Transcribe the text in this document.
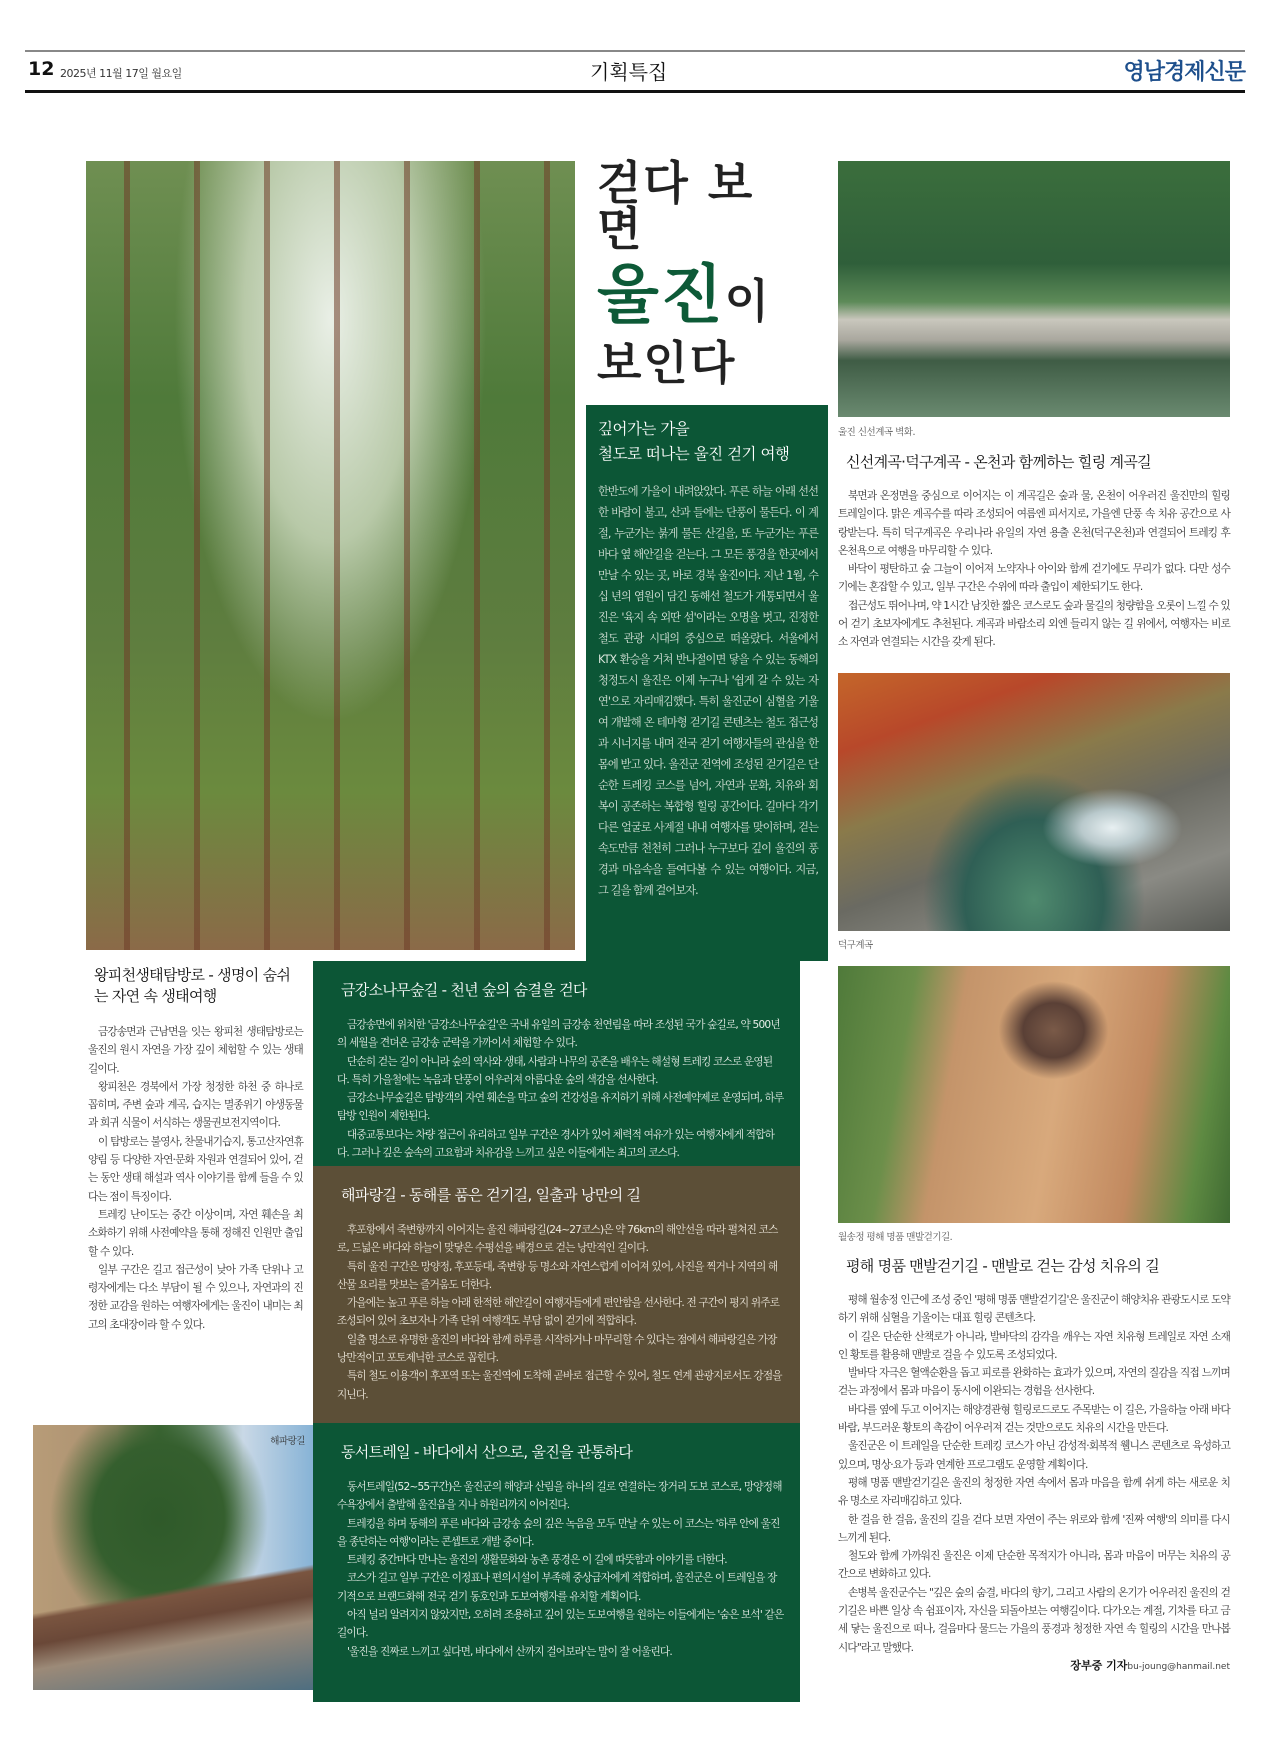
12 2025년 11월 17일 월요일	기획특집	영남경제신문
걷다 보면
울진이
보인다
깊어가는 가을
철도로 떠나는 울진 걷기 여행

한반도에 가을이 내려앉았다. 푸른 하늘 아래 선선한 바람이 불고, 산과 들에는 단풍이 물든다. 이 계절, 누군가는 붉게 물든 산길을, 또 누군가는 푸른 바다 옆 해안길을 걷는다. 그 모든 풍경을 한곳에서 만날 수 있는 곳, 바로 경북 울진이다. 지난 1월, 수십 년의 염원이 담긴 동해선 철도가 개통되면서 울진은 '육지 속 외딴 섬'이라는 오명을 벗고, 진정한 철도 관광 시대의 중심으로 떠올랐다. 서울에서 KTX 환승을 거쳐 반나절이면 닿을 수 있는 동해의 청정도시 울진은 이제 누구나 '쉽게 갈 수 있는 자연'으로 자리매김했다. 특히 울진군이 심혈을 기울여 개발해 온 테마형 걷기길 콘텐츠는 철도 접근성과 시너지를 내며 전국 걷기 여행자들의 관심을 한몸에 받고 있다. 울진군 전역에 조성된 걷기길은 단순한 트레킹 코스를 넘어, 자연과 문화, 치유와 회복이 공존하는 복합형 힐링 공간이다. 길마다 각기 다른 얼굴로 사계절 내내 여행자를 맞이하며, 걷는 속도만큼 천천히 그러나 누구보다 깊이 울진의 풍경과 마음속을 들여다볼 수 있는 여행이다. 지금, 그 길을 함께 걸어보자.

왕피천생태탐방로 - 생명이 숨쉬는 자연 속 생태여행

금강송면과 근남면을 잇는 왕피천 생태탐방로는 울진의 원시 자연을 가장 깊이 체험할 수 있는 생태길이다.

왕피천은 경북에서 가장 청정한 하천 중 하나로 꼽히며, 주변 숲과 계곡, 습지는 멸종위기 야생동물과 희귀 식물이 서식하는 생물권보전지역이다.

이 탐방로는 불영사, 찬물내기습지, 통고산자연휴양림 등 다양한 자연·문화 자원과 연결되어 있어, 걷는 동안 생태 해설과 역사 이야기를 함께 들을 수 있다는 점이 특징이다.

트레킹 난이도는 중간 이상이며, 자연 훼손을 최소화하기 위해 사전예약을 통해 정해진 인원만 출입할 수 있다.

일부 구간은 길고 접근성이 낮아 가족 단위나 고령자에게는 다소 부담이 될 수 있으나, 자연과의 진정한 교감을 원하는 여행자에게는 울진이 내미는 최고의 초대장이라 할 수 있다.

해파랑길
금강소나무숲길 - 천년 숲의 숨결을 걷다

금강송면에 위치한 '금강소나무숲길'은 국내 유일의 금강송 천연림을 따라 조성된 국가 숲길로, 약 500년의 세월을 견뎌온 금강송 군락을 가까이서 체험할 수 있다.

단순히 걷는 길이 아니라 숲의 역사와 생태, 사람과 나무의 공존을 배우는 해설형 트레킹 코스로 운영된다. 특히 가을철에는 녹음과 단풍이 어우러져 아름다운 숲의 색감을 선사한다.

금강소나무숲길은 탐방객의 자연 훼손을 막고 숲의 건강성을 유지하기 위해 사전예약제로 운영되며, 하루 탐방 인원이 제한된다.

대중교통보다는 차량 접근이 유리하고 일부 구간은 경사가 있어 체력적 여유가 있는 여행자에게 적합하다. 그러나 깊은 숲속의 고요함과 치유감을 느끼고 싶은 이들에게는 최고의 코스다.

해파랑길 - 동해를 품은 걷기길, 일출과 낭만의 길

후포항에서 죽변항까지 이어지는 울진 해파랑길(24~27코스)은 약 76km의 해안선을 따라 펼쳐진 코스로, 드넓은 바다와 하늘이 맞닿은 수평선을 배경으로 걷는 낭만적인 길이다.

특히 울진 구간은 망양정, 후포등대, 죽변항 등 명소와 자연스럽게 이어져 있어, 사진을 찍거나 지역의 해산물 요리를 맛보는 즐거움도 더한다.

가을에는 높고 푸른 하늘 아래 한적한 해안길이 여행자들에게 편안함을 선사한다. 전 구간이 평지 위주로 조성되어 있어 초보자나 가족 단위 여행객도 부담 없이 걷기에 적합하다.

일출 명소로 유명한 울진의 바다와 함께 하루를 시작하거나 마무리할 수 있다는 점에서 해파랑길은 가장 낭만적이고 포토제닉한 코스로 꼽힌다.

특히 철도 이용객이 후포역 또는 울진역에 도착해 곧바로 접근할 수 있어, 철도 연계 관광지로서도 강점을 지닌다.

동서트레일 - 바다에서 산으로, 울진을 관통하다

동서트레일(52~55구간)은 울진군의 해양과 산림을 하나의 길로 연결하는 장거리 도보 코스로, 망양정해수욕장에서 출발해 울진읍을 지나 하원리까지 이어진다.

트레킹을 하며 동해의 푸른 바다와 금강송 숲의 깊은 녹음을 모두 만날 수 있는 이 코스는 '하루 안에 울진을 종단하는 여행'이라는 콘셉트로 개발 중이다.

트레킹 중간마다 만나는 울진의 생활문화와 농촌 풍경은 이 길에 따뜻함과 이야기를 더한다.

코스가 길고 일부 구간은 이정표나 편의시설이 부족해 중상급자에게 적합하며, 울진군은 이 트레일을 장기적으로 브랜드화해 전국 걷기 동호인과 도보여행자를 유치할 계획이다.

아직 널리 알려지지 않았지만, 오히려 조용하고 깊이 있는 도보여행을 원하는 이들에게는 '숨은 보석' 같은 길이다.

'울진을 진짜로 느끼고 싶다면, 바다에서 산까지 걸어보라'는 말이 잘 어울린다.

울진 신선계곡 벽화.
신선계곡·덕구계곡 - 온천과 함께하는 힐링 계곡길

북면과 온정면을 중심으로 이어지는 이 계곡길은 숲과 물, 온천이 어우러진 울진만의 힐링 트레일이다. 맑은 계곡수를 따라 조성되어 여름엔 피서지로, 가을엔 단풍 속 치유 공간으로 사랑받는다. 특히 덕구계곡은 우리나라 유일의 자연 용출 온천(덕구온천)과 연결되어 트레킹 후 온천욕으로 여행을 마무리할 수 있다.

바닥이 평탄하고 숲 그늘이 이어져 노약자나 아이와 함께 걷기에도 무리가 없다. 다만 성수기에는 혼잡할 수 있고, 일부 구간은 수위에 따라 출입이 제한되기도 한다.

접근성도 뛰어나며, 약 1시간 남짓한 짧은 코스로도 숲과 물길의 청량함을 오롯이 느낄 수 있어 걷기 초보자에게도 추천된다. 계곡과 바람소리 외엔 들리지 않는 길 위에서, 여행자는 비로소 자연과 연결되는 시간을 갖게 된다.

덕구계곡
월송정 평해 명품 맨발걷기길.
평해 명품 맨발걷기길 - 맨발로 걷는 감성 치유의 길

평해 월송정 인근에 조성 중인 '평해 명품 맨발걷기길'은 울진군이 해양치유 관광도시로 도약하기 위해 심혈을 기울이는 대표 힐링 콘텐츠다.

이 길은 단순한 산책로가 아니라, 발바닥의 감각을 깨우는 자연 치유형 트레일로 자연 소재인 황토를 활용해 맨발로 걸을 수 있도록 조성되었다.

발바닥 자극은 혈액순환을 돕고 피로를 완화하는 효과가 있으며, 자연의 질감을 직접 느끼며 걷는 과정에서 몸과 마음이 동시에 이완되는 경험을 선사한다.

바다를 옆에 두고 이어지는 해양경관형 힐링로드로도 주목받는 이 길은, 가을하늘 아래 바다 바람, 부드러운 황토의 촉감이 어우러져 걷는 것만으로도 치유의 시간을 만든다.

울진군은 이 트레일을 단순한 트레킹 코스가 아닌 감성적·회복적 웰니스 콘텐츠로 육성하고 있으며, 명상·요가 등과 연계한 프로그램도 운영할 계획이다.

평해 명품 맨발걷기길은 울진의 청정한 자연 속에서 몸과 마음을 함께 쉬게 하는 새로운 치유 명소로 자리매김하고 있다.

한 걸음 한 걸음, 울진의 길을 걷다 보면 자연이 주는 위로와 함께 '진짜 여행'의 의미를 다시 느끼게 된다.

철도와 함께 가까워진 울진은 이제 단순한 목적지가 아니라, 몸과 마음이 머무는 치유의 공간으로 변화하고 있다.

손병복 울진군수는 "깊은 숲의 숨결, 바다의 향기, 그리고 사람의 온기가 어우러진 울진의 걷기길은 바쁜 일상 속 쉼표이자, 자신을 되돌아보는 여행길이다. 다가오는 계절, 기차를 타고 금세 닿는 울진으로 떠나, 걸음마다 물드는 가을의 풍경과 청정한 자연 속 힐링의 시간을 만나봅시다"라고 말했다.

장부중 기자bu-joung@hanmail.net
